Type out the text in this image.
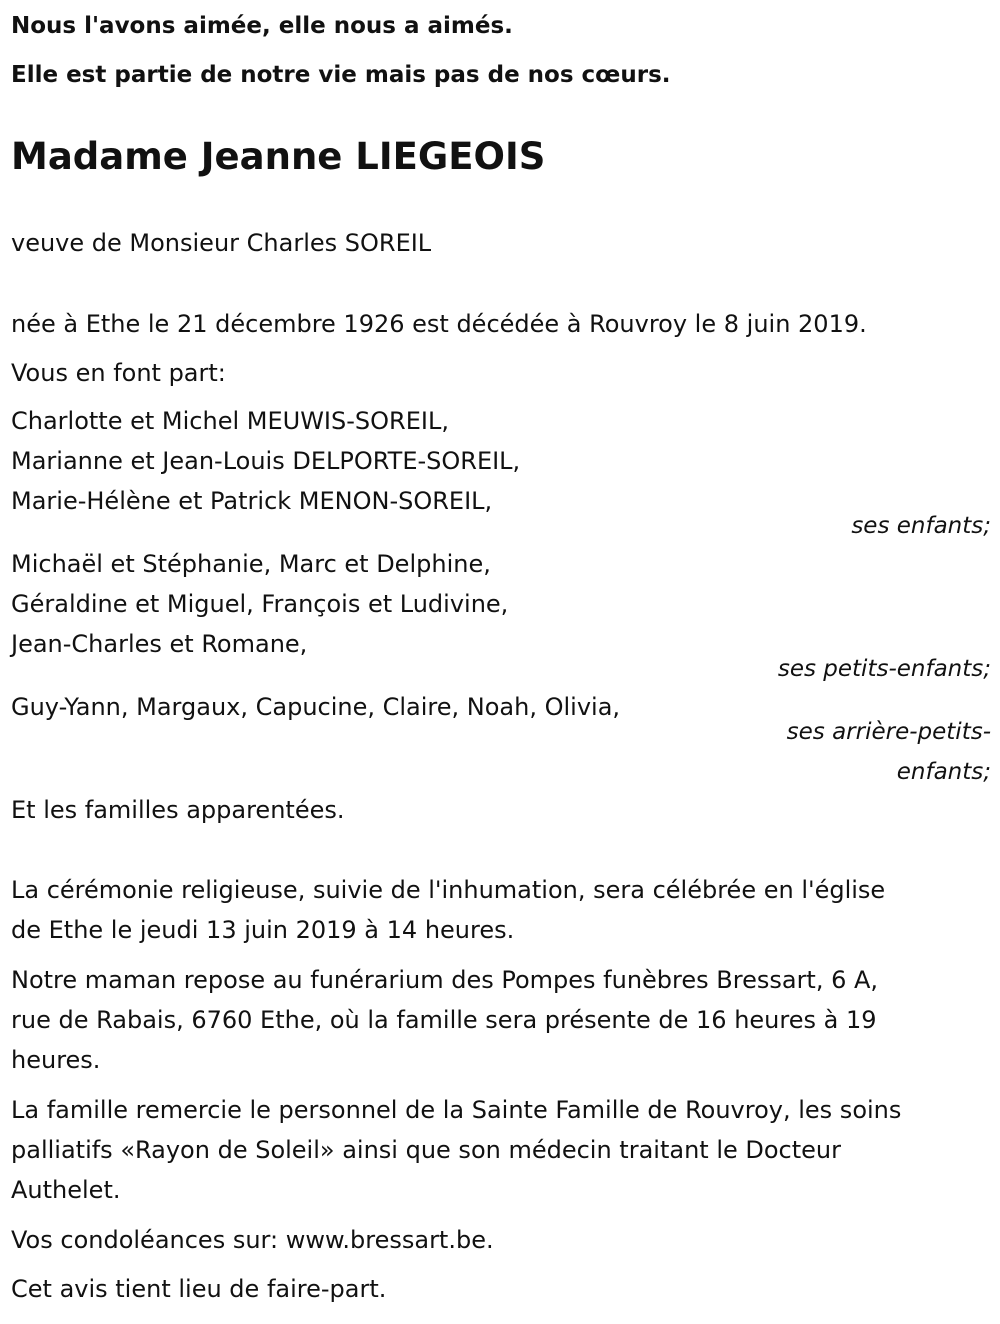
Nous l'avons aimée, elle nous a aimés.
Elle est partie de notre vie mais pas de nos cœurs.
Madame Jeanne LIEGEOIS
veuve de Monsieur Charles SOREIL
née à Ethe le 21 décembre 1926 est décédée à Rouvroy le 8 juin 2019.
Vous en font part:
Charlotte et Michel MEUWIS-SOREIL,
Marianne et Jean-Louis DELPORTE-SOREIL,
Marie-Hélène et Patrick MENON-SOREIL,
ses enfants;
Michaël et Stéphanie, Marc et Delphine,
Géraldine et Miguel, François et Ludivine,
Jean-Charles et Romane,
ses petits-enfants;
Guy-Yann, Margaux, Capucine, Claire, Noah, Olivia,
ses arrière-petits-
enfants;
Et les familles apparentées.
La cérémonie religieuse, suivie de l'inhumation, sera célébrée en l'église
de Ethe le jeudi 13 juin 2019 à 14 heures.
Notre maman repose au funérarium des Pompes funèbres Bressart, 6 A,
rue de Rabais, 6760 Ethe, où la famille sera présente de 16 heures à 19
heures.
La famille remercie le personnel de la Sainte Famille de Rouvroy, les soins
palliatifs «Rayon de Soleil» ainsi que son médecin traitant le Docteur
Authelet.
Vos condoléances sur: www.bressart.be.
Cet avis tient lieu de faire-part.
